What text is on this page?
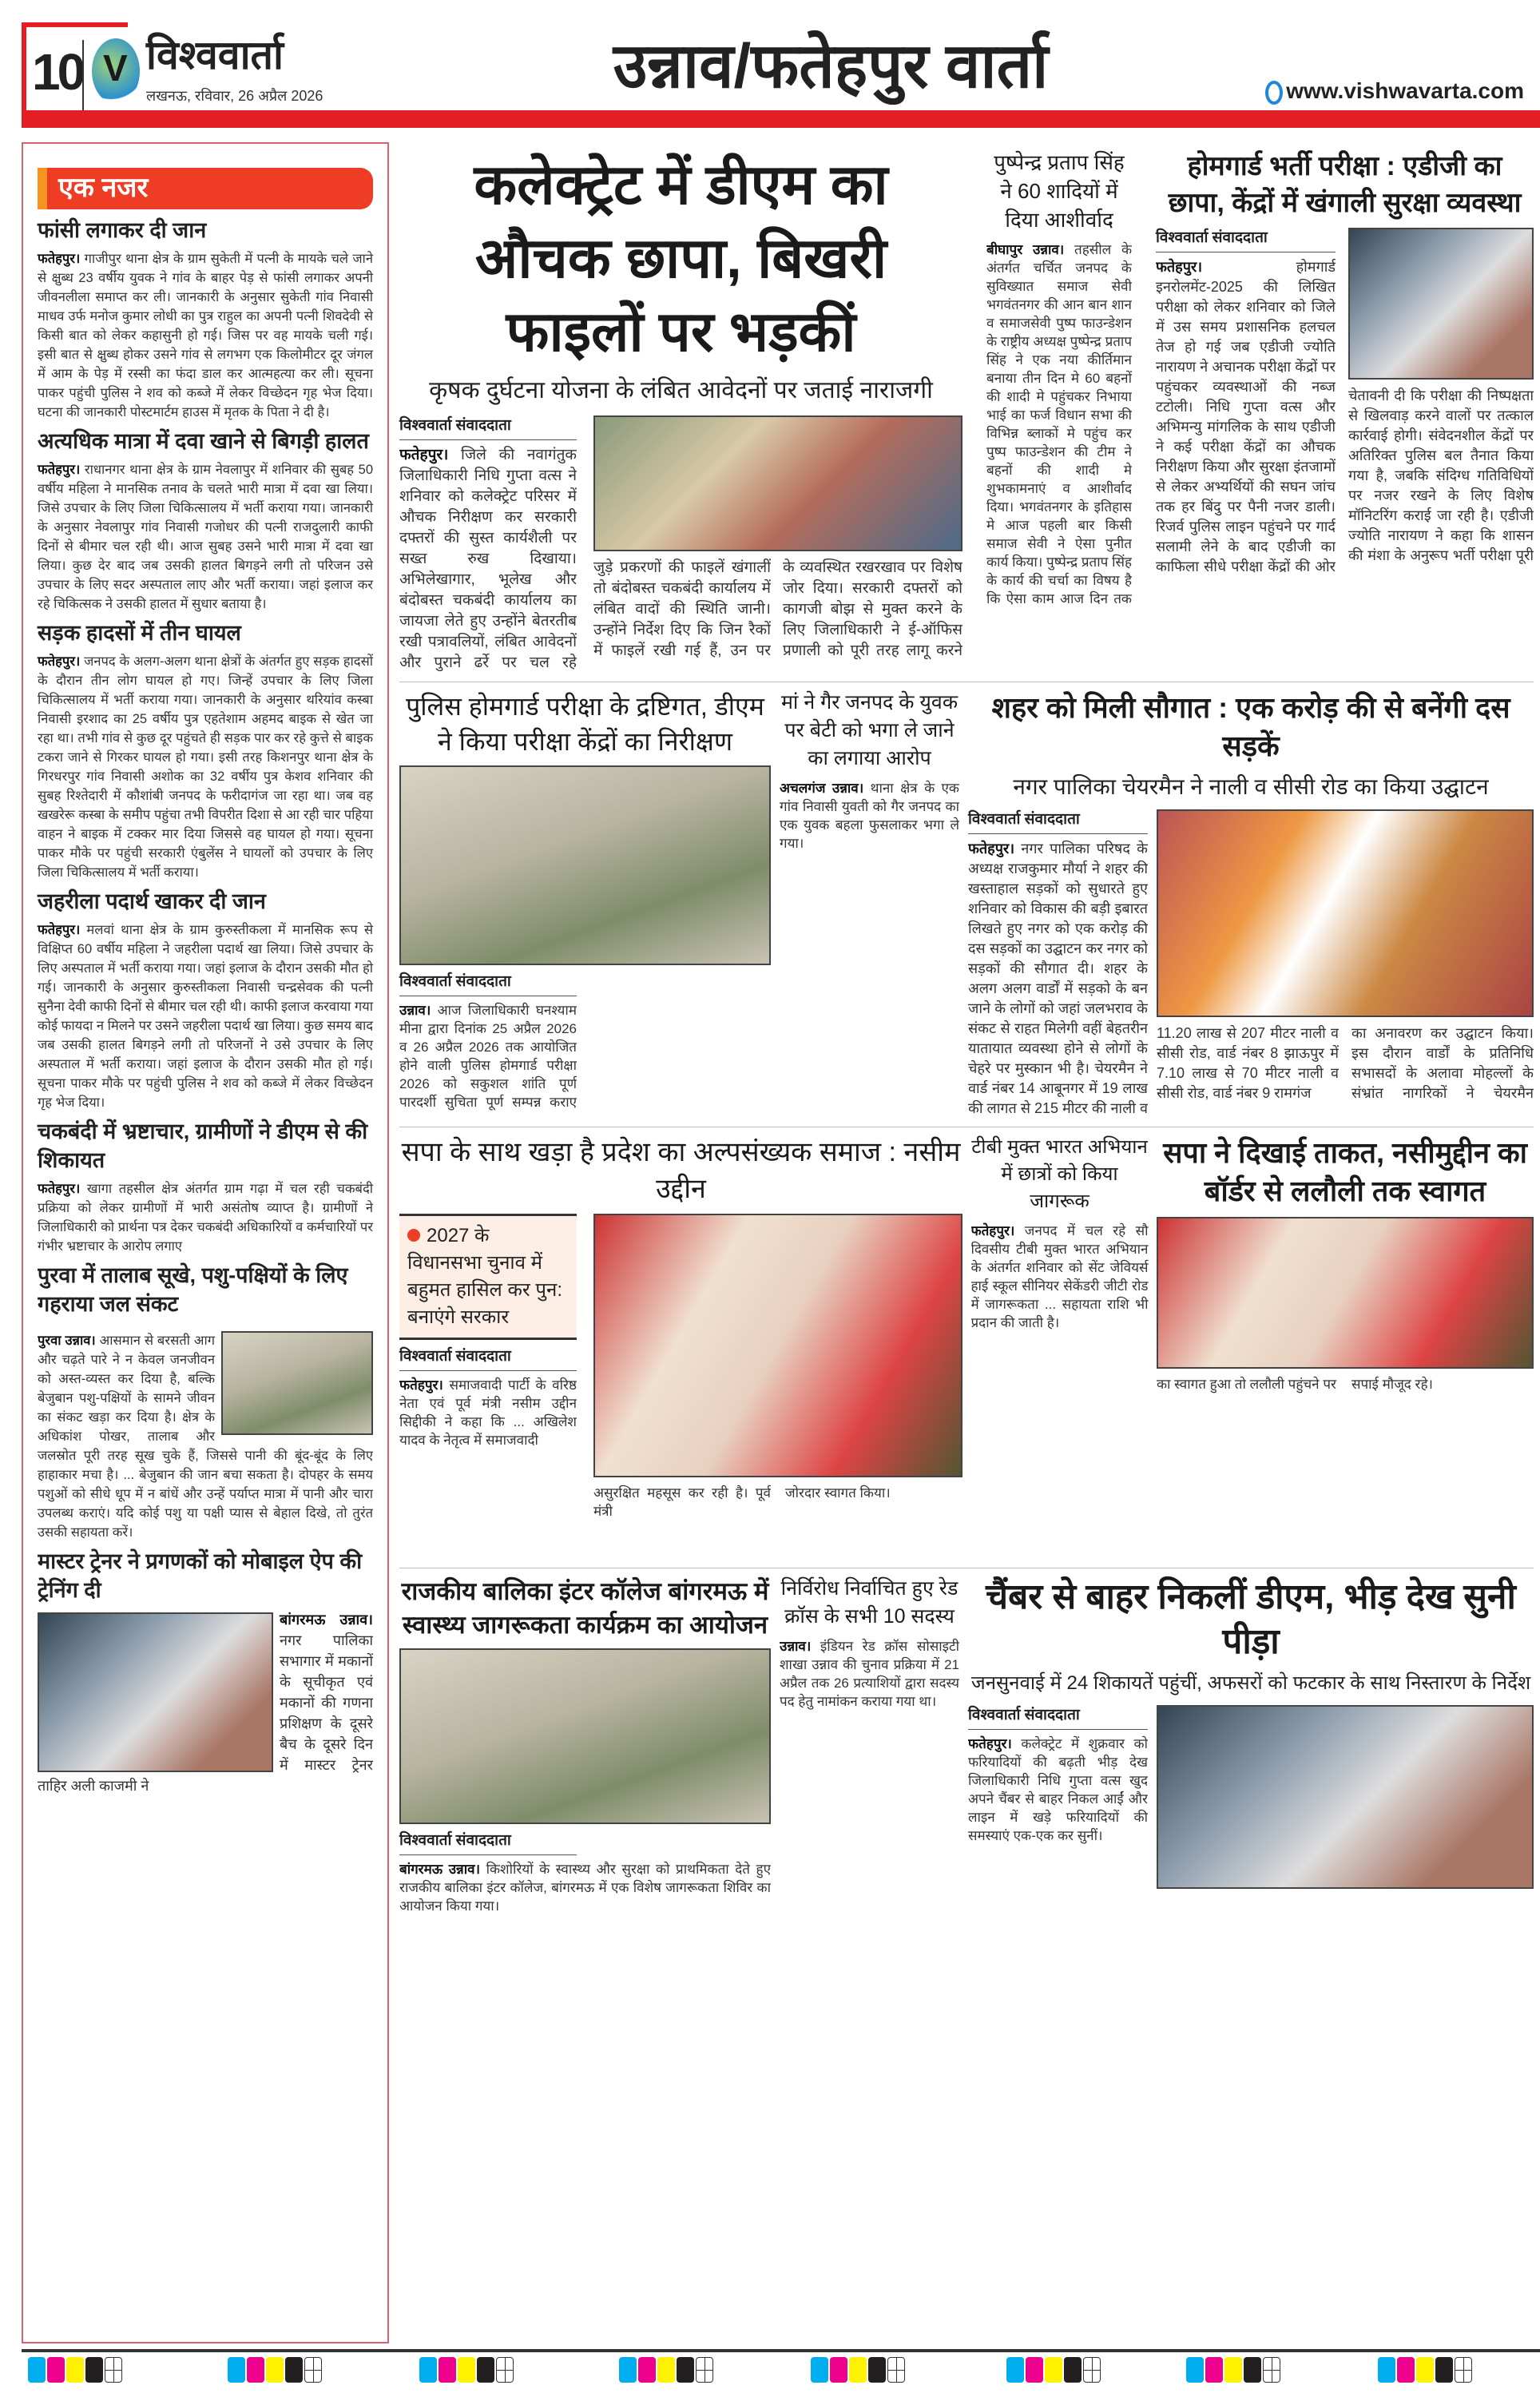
10 V विश्ववार्ता
लखनऊ, रविवार, 26 अप्रैल 2026	उन्नाव/फतेहपुर वार्ता	www.vishwavarta.com
एक नजर
फांसी लगाकर दी जान

फतेहपुर। गाजीपुर थाना क्षेत्र के ग्राम सुकेती में पत्नी के मायके चले जाने से क्षुब्ध 23 वर्षीय युवक ने गांव के बाहर पेड़ से फांसी लगाकर अपनी जीवनलीला समाप्त कर ली। जानकारी के अनुसार सुकेती गांव निवासी माधव उर्फ मनोज कुमार लोधी का पुत्र राहुल का अपनी पत्नी शिवदेवी से किसी बात को लेकर कहासुनी हो गई। जिस पर वह मायके चली गई। इसी बात से क्षुब्ध होकर उसने गांव से लगभग एक किलोमीटर दूर जंगल में आम के पेड़ में रस्सी का फंदा डाल कर आत्महत्या कर ली। सूचना पाकर पहुंची पुलिस ने शव को कब्जे में लेकर विच्छेदन गृह भेज दिया। घटना की जानकारी पोस्टमार्टम हाउस में मृतक के पिता ने दी है।

अत्यधिक मात्रा में दवा खाने से बिगड़ी हालत

फतेहपुर। राधानगर थाना क्षेत्र के ग्राम नेवलापुर में शनिवार की सुबह 50 वर्षीय महिला ने मानसिक तनाव के चलते भारी मात्रा में दवा खा लिया। जिसे उपचार के लिए जिला चिकित्सालय में भर्ती कराया गया। जानकारी के अनुसार नेवलापुर गांव निवासी गजोधर की पत्नी राजदुलारी काफी दिनों से बीमार चल रही थी। आज सुबह उसने भारी मात्रा में दवा खा लिया। कुछ देर बाद जब उसकी हालत बिगड़ने लगी तो परिजन उसे उपचार के लिए सदर अस्पताल लाए और भर्ती कराया। जहां इलाज कर रहे चिकित्सक ने उसकी हालत में सुधार बताया है।

सड़क हादसों में तीन घायल

फतेहपुर। जनपद के अलग-अलग थाना क्षेत्रों के अंतर्गत हुए सड़क हादसों के दौरान तीन लोग घायल हो गए। जिन्हें उपचार के लिए जिला चिकित्सालय में भर्ती कराया गया। जानकारी के अनुसार थरियांव कस्बा निवासी इरशाद का 25 वर्षीय पुत्र एहतेशाम अहमद बाइक से खेत जा रहा था। तभी गांव से कुछ दूर पहुंचते ही सड़क पार कर रहे कुत्ते से बाइक टकरा जाने से गिरकर घायल हो गया। इसी तरह किशनपुर थाना क्षेत्र के गिरधरपुर गांव निवासी अशोक का 32 वर्षीय पुत्र केशव शनिवार की सुबह रिश्तेदारी में कौशांबी जनपद के फरीदागंज जा रहा था। जब वह खखरेरू कस्बा के समीप पहुंचा तभी विपरीत दिशा से आ रही चार पहिया वाहन ने बाइक में टक्कर मार दिया जिससे वह घायल हो गया। सूचना पाकर मौके पर पहुंची सरकारी एंबुलेंस ने घायलों को उपचार के लिए जिला चिकित्सालय में भर्ती कराया।

जहरीला पदार्थ खाकर दी जान

फतेहपुर। मलवां थाना क्षेत्र के ग्राम कुरुस्तीकला में मानसिक रूप से विक्षिप्त 60 वर्षीय महिला ने जहरीला पदार्थ खा लिया। जिसे उपचार के लिए अस्पताल में भर्ती कराया गया। जहां इलाज के दौरान उसकी मौत हो गई। जानकारी के अनुसार कुरुस्तीकला निवासी चन्द्रसेवक की पत्नी सुनैना देवी काफी दिनों से बीमार चल रही थी। काफी इलाज करवाया गया कोई फायदा न मिलने पर उसने जहरीला पदार्थ खा लिया। कुछ समय बाद जब उसकी हालत बिगड़ने लगी तो परिजनों ने उसे उपचार के लिए अस्पताल में भर्ती कराया। जहां इलाज के दौरान उसकी मौत हो गई। सूचना पाकर मौके पर पहुंची पुलिस ने शव को कब्जे में लेकर विच्छेदन गृह भेज दिया।

चकबंदी में भ्रष्टाचार, ग्रामीणों ने डीएम से की शिकायत

फतेहपुर। खागा तहसील क्षेत्र अंतर्गत ग्राम गढ़ा में चल रही चकबंदी प्रक्रिया को लेकर ग्रामीणों में भारी असंतोष व्याप्त है। ग्रामीणों ने जिलाधिकारी को प्रार्थना पत्र देकर चकबंदी अधिकारियों व कर्मचारियों पर गंभीर भ्रष्टाचार के आरोप लगाए

पुरवा में तालाब सूखे, पशु-पक्षियों के लिए गहराया जल संकट

पुरवा उन्नाव। आसमान से बरसती आग और चढ़ते पारे ने न केवल जनजीवन को अस्त-व्यस्त कर दिया है, बल्कि बेजुबान पशु-पक्षियों के सामने जीवन का संकट खड़ा कर दिया है। क्षेत्र के अधिकांश पोखर, तालाब और जलस्रोत पूरी तरह सूख चुके हैं, जिससे पानी की बूंद-बूंद के लिए हाहाकार मचा है। ... बेजुबान की जान बचा सकता है। दोपहर के समय पशुओं को सीधे धूप में न बांधें और उन्हें पर्याप्त मात्रा में पानी और चारा उपलब्ध कराएं। यदि कोई पशु या पक्षी प्यास से बेहाल दिखे, तो तुरंत उसकी सहायता करें।

मास्टर ट्रेनर ने प्रगणकों को मोबाइल ऐप की ट्रेनिंग दी

बांगरमऊ उन्नाव। नगर पालिका सभागार में मकानों के सूचीकृत एवं मकानों की गणना प्रशिक्षण के दूसरे बैच के दूसरे दिन में मास्टर ट्रेनर ताहिर अली काजमी ने

कलेक्ट्रेट में डीएम का औचक छापा, बिखरी फाइलों पर भड़कीं
कृषक दुर्घटना योजना के लंबित आवेदनों पर जताई नाराजगी
विश्ववार्ता संवाददाता

फतेहपुर। जिले की नवागंतुक जिलाधिकारी निधि गुप्ता वत्स ने शनिवार को कलेक्ट्रेट परिसर में औचक निरीक्षण कर सरकारी दफ्तरों की सुस्त कार्यशैली पर सख्त रुख दिखाया। अभिलेखागार, भूलेख और बंदोबस्त चकबंदी कार्यालय का जायजा लेते हुए उन्होंने बेतरतीब रखी पत्रावलियों, लंबित आवेदनों और पुराने ढर्रे पर चल रहे

जुड़े प्रकरणों की फाइलें खंगालीं तो बंदोबस्त चकबंदी कार्यालय में लंबित वादों की स्थिति जानी। उन्होंने निर्देश दिए कि जिन रैकों में फाइलें रखी गई हैं, उन पर

के व्यवस्थित रखरखाव पर विशेष जोर दिया। सरकारी दफ्तरों को कागजी बोझ से मुक्त करने के लिए जिलाधिकारी ने ई-ऑफिस प्रणाली को पूरी तरह लागू करने

पुष्पेन्द्र प्रताप सिंह ने 60 शादियों में दिया आशीर्वाद

बीघापुर उन्नाव। तहसील के अंतर्गत चर्चित जनपद के सुविख्यात समाज सेवी भगवंतनगर की आन बान शान व समाजसेवी पुष्प फाउन्डेशन के राष्ट्रीय अध्यक्ष पुष्पेन्द्र प्रताप सिंह ने एक नया कीर्तिमान बनाया तीन दिन मे 60 बहनों की शादी मे पहुंचकर निभाया भाई का फर्ज विधान सभा की विभिन्न ब्लाकों मे पहुंच कर पुष्प फाउन्डेशन की टीम ने बहनों की शादी मे शुभकामनाएं व आशीर्वाद दिया। भगवंतनगर के इतिहास मे आज पहली बार किसी समाज सेवी ने ऐसा पुनीत कार्य किया। पुष्पेन्द्र प्रताप सिंह के कार्य की चर्चा का विषय है कि ऐसा काम आज दिन तक

होमगार्ड भर्ती परीक्षा : एडीजी का छापा, केंद्रों में खंगाली सुरक्षा व्यवस्था
विश्ववार्ता संवाददाता

फतेहपुर।	होमगार्ड इनरोलमेंट-2025 की लिखित परीक्षा को लेकर शनिवार को जिले में उस समय प्रशासनिक हलचल तेज हो गई जब एडीजी ज्योति नारायण ने अचानक परीक्षा केंद्रों पर पहुंचकर व्यवस्थाओं की नब्ज टटोली। निधि गुप्ता वत्स और अभिमन्यु मांगलिक के साथ एडीजी ने कई परीक्षा केंद्रों का औचक निरीक्षण किया और सुरक्षा इंतजामों से लेकर अभ्यर्थियों की सघन जांच तक हर बिंदु पर पैनी नजर डाली। रिजर्व पुलिस लाइन पहुंचने पर गार्द सलामी लेने के बाद एडीजी का काफिला सीधे परीक्षा केंद्रों की ओर

चेतावनी दी कि परीक्षा की निष्पक्षता से खिलवाड़ करने वालों पर तत्काल कार्रवाई होगी। संवेदनशील केंद्रों पर अतिरिक्त पुलिस बल तैनात किया गया है, जबकि संदिग्ध गतिविधियों पर नजर रखने के लिए विशेष मॉनिटरिंग कराई जा रही है। एडीजी ज्योति नारायण ने कहा कि शासन की मंशा के अनुरूप भर्ती परीक्षा पूरी

पुलिस होमगार्ड परीक्षा के द्रष्टिगत, डीएम ने किया परीक्षा केंद्रों का निरीक्षण
विश्ववार्ता संवाददाता

उन्नाव। आज जिलाधिकारी घनश्याम मीना द्वारा दिनांक 25 अप्रैल 2026 व 26 अप्रैल 2026 तक आयोजित होने वाली पुलिस होमगार्ड परीक्षा 2026 को सकुशल शांति पूर्ण पारदर्शी सुचिता पूर्ण सम्पन्न कराए

मां ने गैर जनपद के युवक पर बेटी को भगा ले जाने का लगाया आरोप

अचलगंज उन्नाव। थाना क्षेत्र के एक गांव निवासी युवती को गैर जनपद का एक युवक बहला फुसलाकर भगा ले गया।

शहर को मिली सौगात : एक करोड़ की से बनेंगी दस सड़कें
नगर पालिका चेयरमैन ने नाली व सीसी रोड का किया उद्घाटन
विश्ववार्ता संवाददाता

फतेहपुर। नगर पालिका परिषद के अध्यक्ष राजकुमार मौर्या ने शहर की खस्ताहाल सड़कों को सुधारते हुए शनिवार को विकास की बड़ी इबारत लिखते हुए नगर को एक करोड़ की दस सड़कों का उद्घाटन कर नगर को सड़कों की सौगात दी। शहर के अलग अलग वार्डों में सड़को के बन जाने के लोगों को जहां जलभराव के संकट से राहत मिलेगी वहीं बेहतरीन यातायात व्यवस्था होने से लोगों के चेहरे पर मुस्कान भी है। चेयरमैन ने वार्ड नंबर 14 आबूनगर में 19 लाख की लागत से 215 मीटर की नाली व

11.20 लाख से 207 मीटर नाली व सीसी रोड, वार्ड नंबर 8 झाऊपुर में 7.10 लाख से 70 मीटर नाली व सीसी रोड, वार्ड नंबर 9 रामगंज

का अनावरण कर उद्घाटन किया। इस दौरान वार्डों के प्रतिनिधि सभासदों के अलावा मोहल्लों के संभ्रांत नागरिकों ने चेयरमैन

सपा के साथ खड़ा है प्रदेश का अल्पसंख्यक समाज : नसीम उद्दीन
2027 के विधानसभा चुनाव में बहुमत हासिल कर पुन: बनाएंगे सरकार
विश्ववार्ता संवाददाता

फतेहपुर। समाजवादी पार्टी के वरिष्ठ नेता एवं पूर्व मंत्री नसीम उद्दीन सिद्दीकी ने कहा कि ... अखिलेश यादव के नेतृत्व में समाजवादी

असुरक्षित महसूस कर रही है। पूर्व मंत्री

जोरदार स्वागत किया।

टीबी मुक्त भारत अभियान में छात्रों को किया जागरूक

फतेहपुर। जनपद में चल रहे सौ दिवसीय टीबी मुक्त भारत अभियान के अंतर्गत शनिवार को सेंट जेवियर्स हाई स्कूल सीनियर सेकेंडरी जीटी रोड में जागरूकता ... सहायता राशि भी प्रदान की जाती है।

सपा ने दिखाई ताकत, नसीमुद्दीन का बॉर्डर से ललौली तक स्वागत

का स्वागत हुआ तो ललौली पहुंचने पर सपाई मौजूद रहे।

राजकीय बालिका इंटर कॉलेज बांगरमऊ में स्वास्थ्य जागरूकता कार्यक्रम का आयोजन
विश्ववार्ता संवाददाता

बांगरमऊ उन्नाव। किशोरियों के स्वास्थ्य और सुरक्षा को प्राथमिकता देते हुए राजकीय बालिका इंटर कॉलेज, बांगरमऊ में एक विशेष जागरूकता शिविर का आयोजन किया गया।

निर्विरोध निर्वाचित हुए रेड क्रॉस के सभी 10 सदस्य

उन्नाव। इंडियन रेड क्रॉस सोसाइटी शाखा उन्नाव की चुनाव प्रक्रिया में 21 अप्रैल तक 26 प्रत्याशियों द्वारा सदस्य पद हेतु नामांकन कराया गया था।

चैंबर से बाहर निकलीं डीएम, भीड़ देख सुनी पीड़ा
जनसुनवाई में 24 शिकायतें पहुंचीं, अफसरों को फटकार के साथ निस्तारण के निर्देश
विश्ववार्ता संवाददाता

फतेहपुर। कलेक्ट्रेट में शुक्रवार को फरियादियों की बढ़ती भीड़ देख जिलाधिकारी निधि गुप्ता वत्स खुद अपने चैंबर से बाहर निकल आईं और लाइन में खड़े फरियादियों की समस्याएं एक-एक कर सुनीं।
